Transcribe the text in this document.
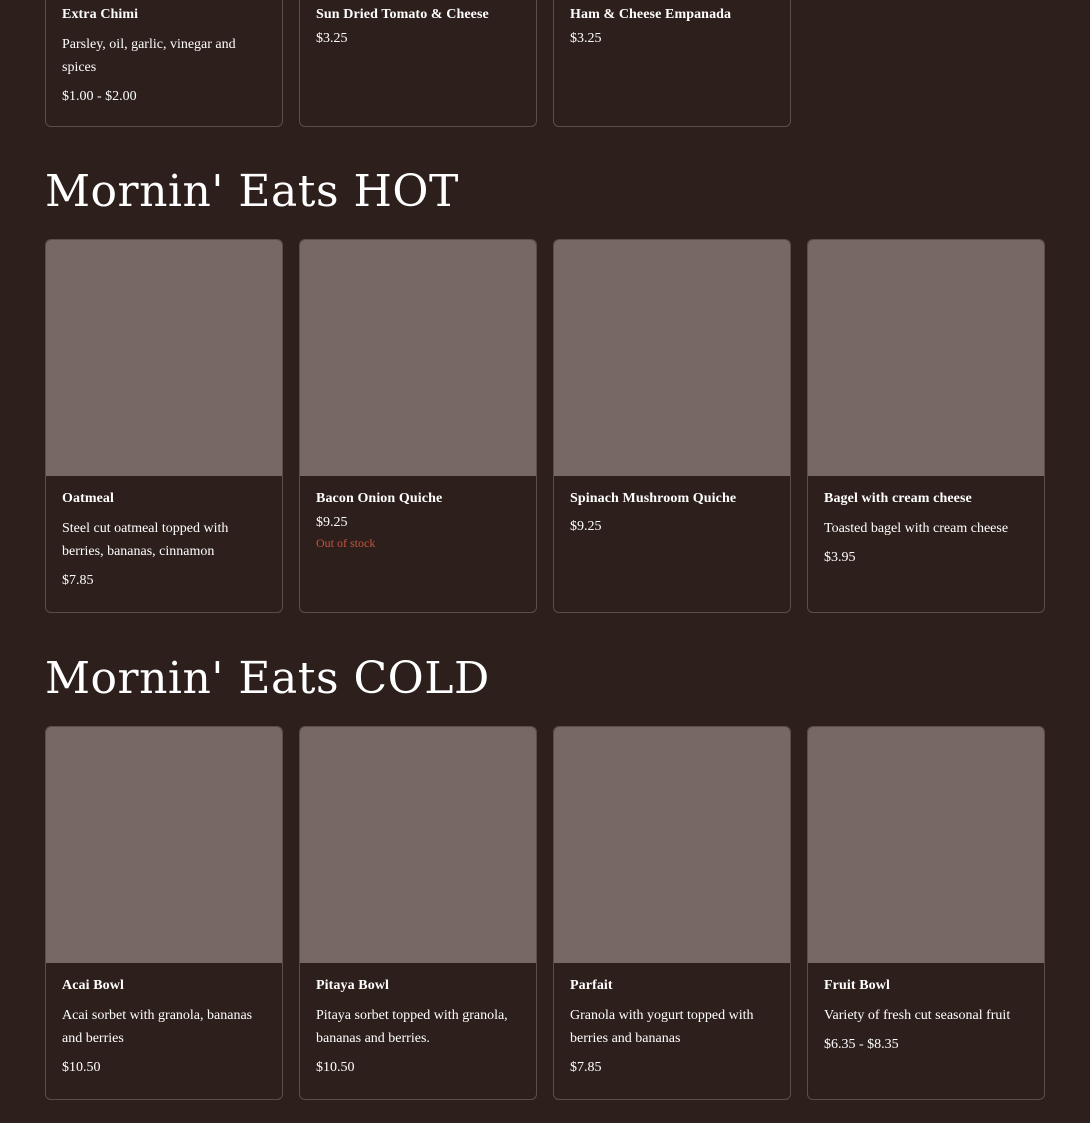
Extra Chimi
Parsley, oil, garlic, vinegar and spices
$1.00 - $2.00
Sun Dried Tomato & Cheese
$3.25
Ham & Cheese Empanada
$3.25
Mornin' Eats HOT
Oatmeal
Steel cut oatmeal topped with berries, bananas, cinnamon
$7.85
Bacon Onion Quiche
$9.25
Out of stock
Spinach Mushroom Quiche
$9.25
Bagel with cream cheese
Toasted bagel with cream cheese
$3.95
Mornin' Eats COLD
Acai Bowl
Acai sorbet with granola, bananas and berries
$10.50
Pitaya Bowl
Pitaya sorbet topped with granola, bananas and berries.
$10.50
Parfait
Granola with yogurt topped with berries and bananas
$7.85
Fruit Bowl
Variety of fresh cut seasonal fruit
$6.35 - $8.35
